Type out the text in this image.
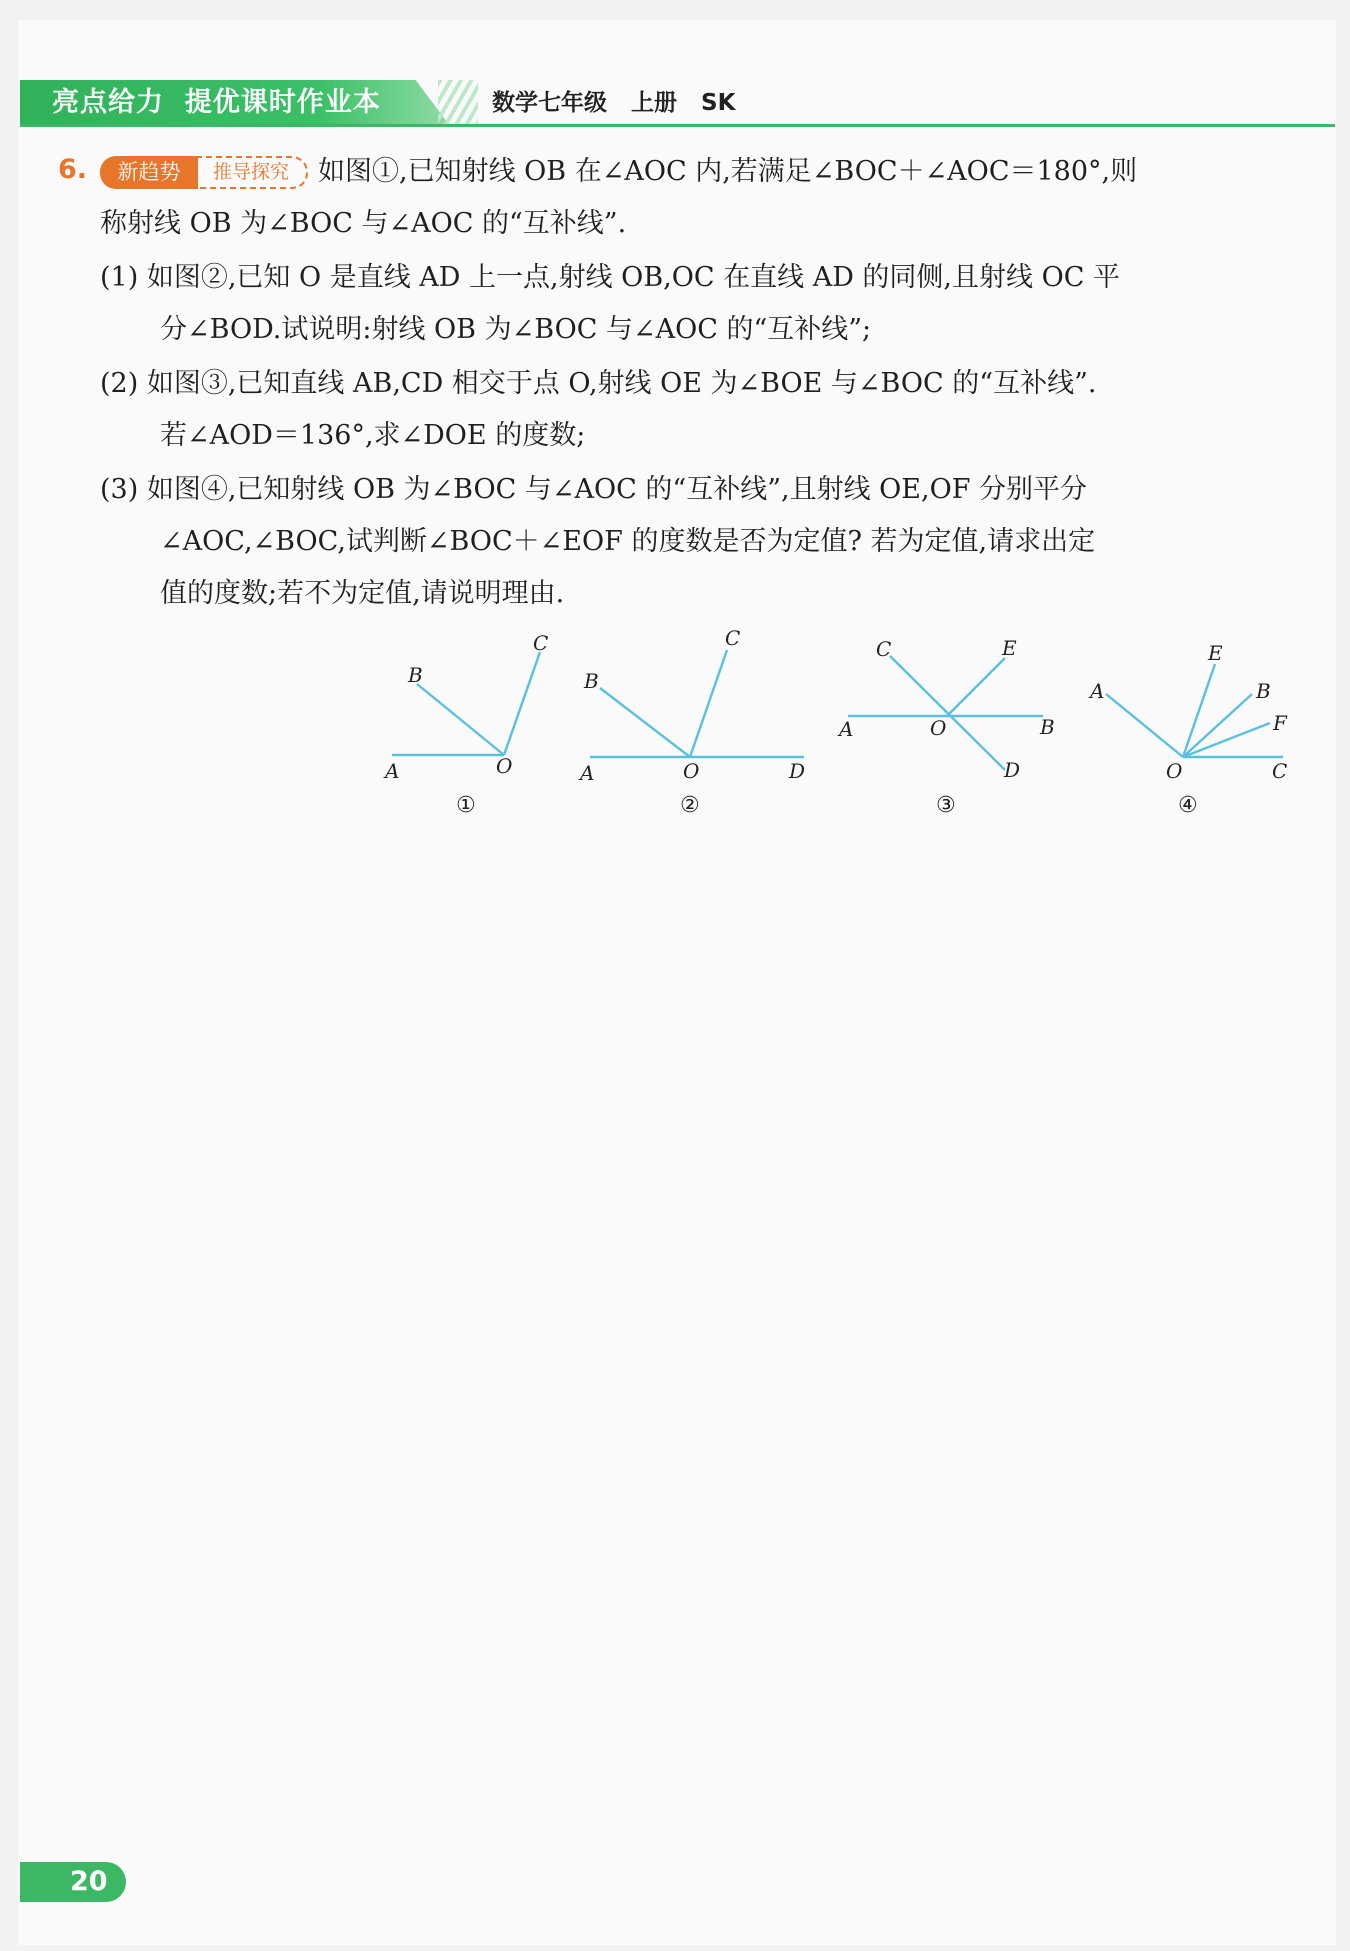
亮点给力  提优课时作业本	数学七年级   上册   SK
6.	新趋势	推导探究	如图①,已知射线 OB 在∠AOC 内,若满足∠BOC＋∠AOC＝180°,则
称射线 OB 为∠BOC 与∠AOC 的“互补线”.
(1) 如图②,已知 O 是直线 AD 上一点,射线 OB,OC 在直线 AD 的同侧,且射线 OC 平
分∠BOD.试说明:射线 OB 为∠BOC 与∠AOC 的“互补线”;
(2) 如图③,已知直线 AB,CD 相交于点 O,射线 OE 为∠BOE 与∠BOC 的“互补线”.
若∠AOD＝136°,求∠DOE 的度数;
(3) 如图④,已知射线 OB 为∠BOC 与∠AOC 的“互补线”,且射线 OE,OF 分别平分
∠AOC,∠BOC,试判断∠BOC＋∠EOF 的度数是否为定值? 若为定值,请求出定
值的度数;若不为定值,请说明理由.
C
B
A	O
①
C
B
A	O	D
②
C	E
A	O	B
D
③
E
A	B
F
O	C
④
20
